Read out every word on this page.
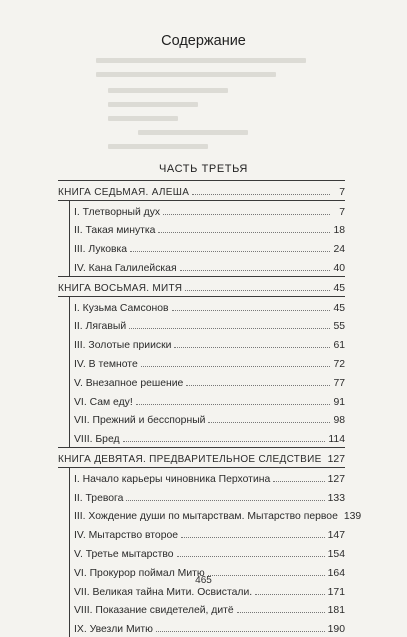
Содержание
ЧАСТЬ ТРЕТЬЯ
КНИГА СЕДЬМАЯ. АЛЕША	7
I. Тлетворный дух	7
II. Такая минутка	18
III. Луковка	24
IV. Кана Галилейская	40
КНИГА ВОСЬМАЯ. МИТЯ	45
I. Кузьма Самсонов	45
II. Лягавый	55
III. Золотые прииски	61
IV. В темноте	72
V. Внезапное решение	77
VI. Сам еду!	91
VII. Прежний и бесспорный	98
VIII. Бред	114
КНИГА ДЕВЯТАЯ. ПРЕДВАРИТЕЛЬНОЕ СЛЕДСТВИЕ 127
I. Начало карьеры чиновника Перхотина	127
II. Тревога	133
III. Хождение души по мытарствам. Мытарство первое 139
IV. Мытарство второе	147
V. Третье мытарство	154
VI. Прокурор поймал Митю	164
VII. Великая тайна Мити. Освистали.	171
VIII. Показание свидетелей, дитё	181
IX. Увезли Митю	190
465
